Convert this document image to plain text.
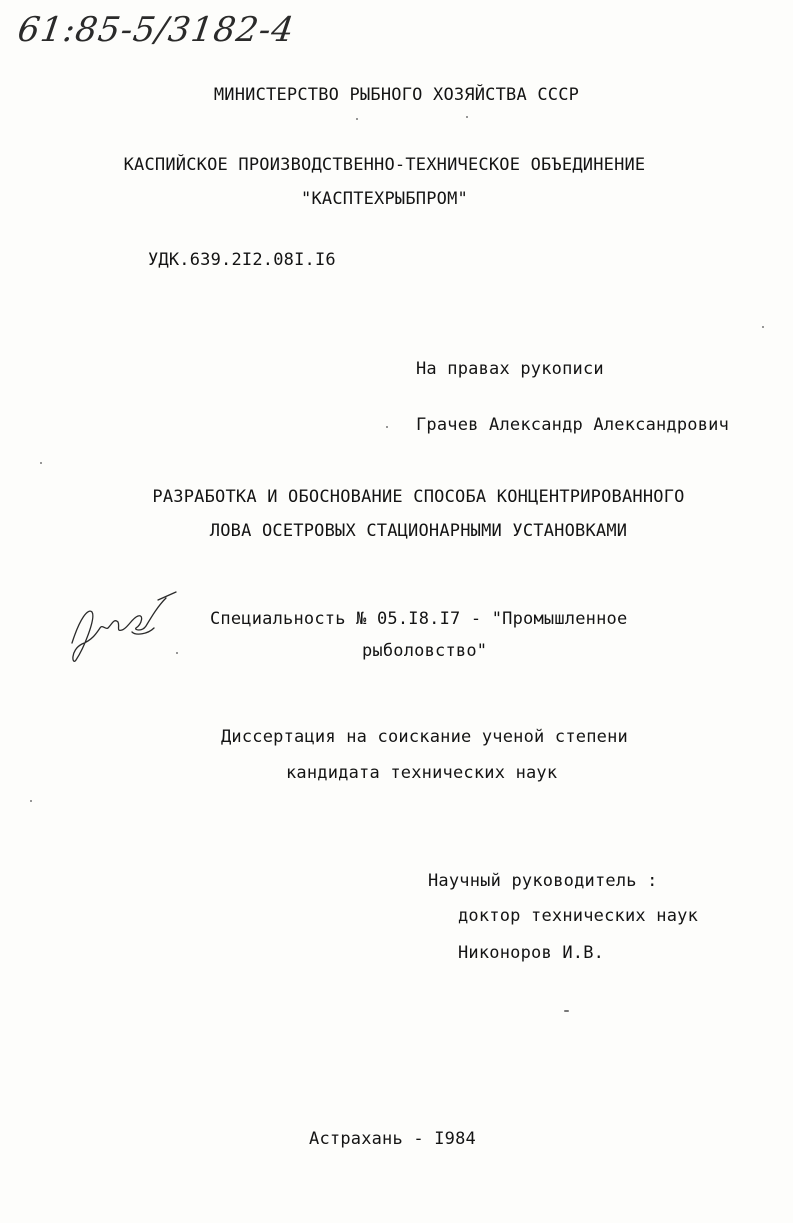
61:85-5/3182-4
МИНИСТЕРСТВО РЫБНОГО ХОЗЯЙСТВА СССР
КАСПИЙСКОЕ ПРОИЗВОДСТВЕННО-ТЕХНИЧЕСКОЕ ОБЪЕДИНЕНИЕ
"КАСПТЕХРЫБПРОМ"
УДК.639.2I2.08I.I6
На правах рукописи
Грачев Александр Александрович
РАЗРАБОТКА И ОБОСНОВАНИЕ СПОСОБА КОНЦЕНТРИРОВАННОГО
ЛОВА ОСЕТРОВЫХ СТАЦИОНАРНЫМИ УСТАНОВКАМИ
Специальность № 05.I8.I7 - "Промышленное
рыболовство"
Диссертация на соискание ученой степени
кандидата технических наук
Научный руководитель :
доктор технических наук
Никоноров И.В.
Астрахань - I984
